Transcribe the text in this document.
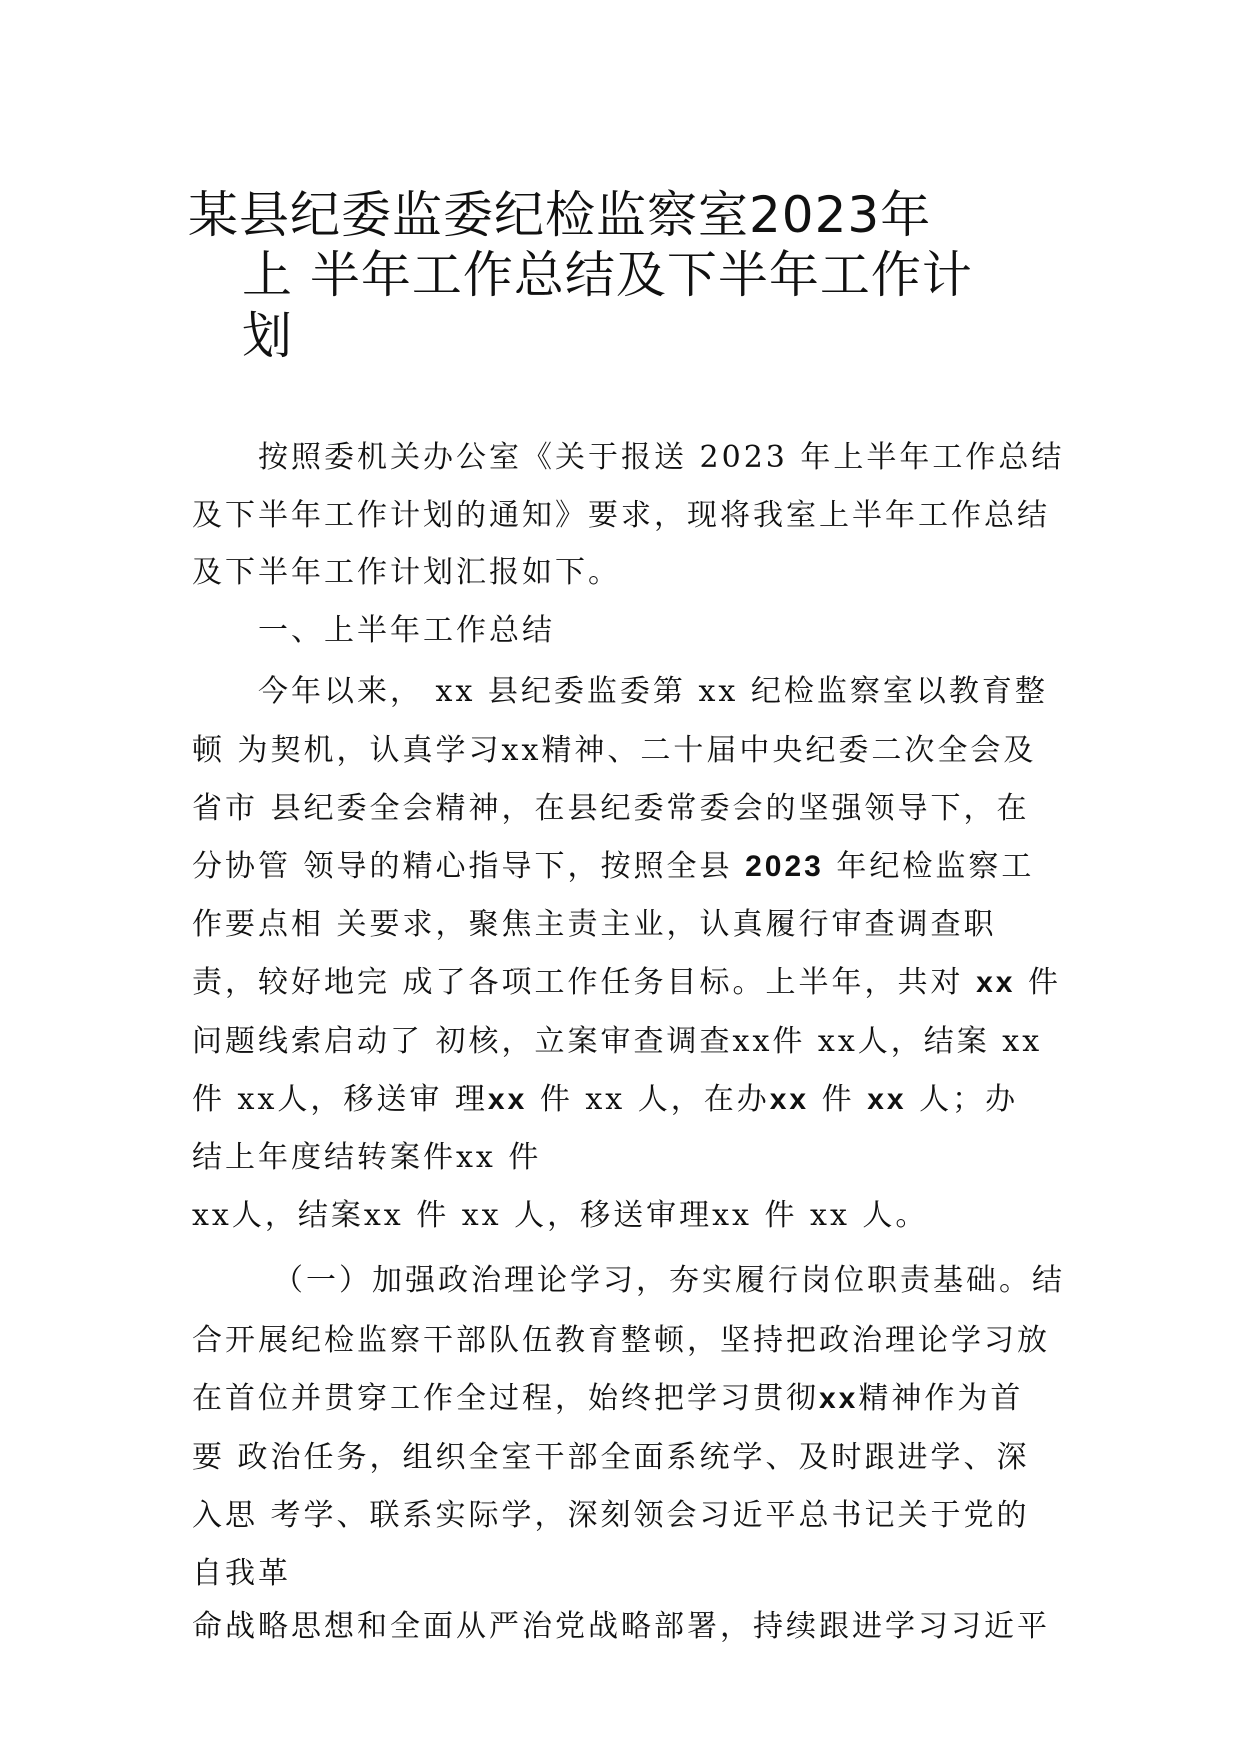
某县纪委监委纪检监察室2023年
上 半年工作总结及下半年工作计
划
按照委机关办公室《关于报送 2023 年上半年工作总结
及下半年工作计划的通知》要求，现将我室上半年工作总结
及下半年工作计划汇报如下。
一、上半年工作总结
今年以来， xx 县纪委监委第 xx 纪检监察室以教育整
顿 为契机，认真学习xx精神、二十届中央纪委二次全会及
省市 县纪委全会精神，在县纪委常委会的坚强领导下，在
分协管 领导的精心指导下，按照全县 2023 年纪检监察工
作要点相 关要求，聚焦主责主业，认真履行审查调查职
责，较好地完 成了各项工作任务目标。上半年，共对 xx 件
问题线索启动了 初核，立案审查调查xx件 xx人，结案 xx
件 xx人，移送审 理xx 件 xx 人，在办xx 件 xx 人；办
结上年度结转案件xx 件
xx人，结案xx 件 xx 人，移送审理xx 件 xx 人。
（一）加强政治理论学习，夯实履行岗位职责基础。结
合开展纪检监察干部队伍教育整顿，坚持把政治理论学习放
在首位并贯穿工作全过程，始终把学习贯彻xx精神作为首
要 政治任务，组织全室干部全面系统学、及时跟进学、深
入思 考学、联系实际学，深刻领会习近平总书记关于党的
自我革
命战略思想和全面从严治党战略部署，持续跟进学习习近平
